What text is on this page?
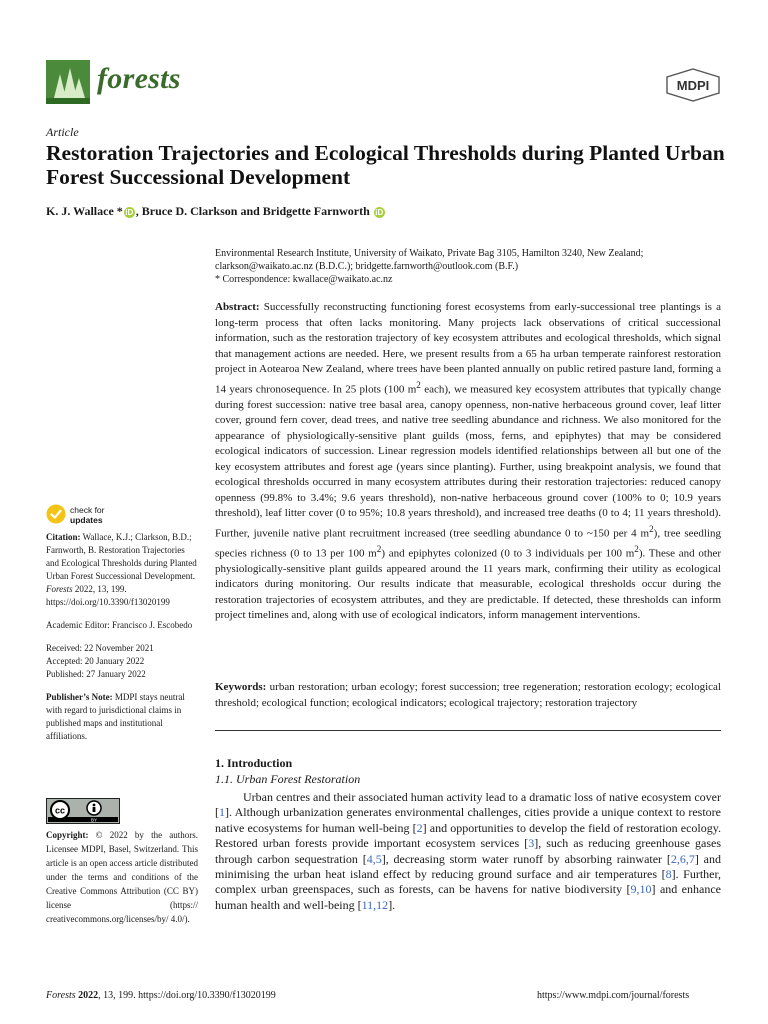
forests	MDPI
Article
Restoration Trajectories and Ecological Thresholds during Planted Urban Forest Successional Development
K. J. Wallace * iD , Bruce D. Clarkson and Bridgette Farnworth iD
Environmental Research Institute, University of Waikato, Private Bag 3105, Hamilton 3240, New Zealand;
clarkson@waikato.ac.nz (B.D.C.); bridgette.farnworth@outlook.com (B.F.)
* Correspondence: kwallace@waikato.ac.nz
Abstract: Successfully reconstructing functioning forest ecosystems from early-successional tree plantings is a long-term process that often lacks monitoring. Many projects lack observations of critical successional information, such as the restoration trajectory of key ecosystem attributes and ecological thresholds, which signal that management actions are needed. Here, we present results from a 65 ha urban temperate rainforest restoration project in Aotearoa New Zealand, where trees have been planted annually on public retired pasture land, forming a 14 years chronosequence. In 25 plots (100 $m^2$ each), we measured key ecosystem attributes that typically change during forest succession: native tree basal area, canopy openness, non-native herbaceous ground cover, leaf litter cover, ground fern cover, dead trees, and native tree seedling abundance and richness. We also monitored for the appearance of physiologically-sensitive plant guilds (moss, ferns, and epiphytes) that may be considered ecological indicators of succession. Linear regression models identified relationships between all but one of the key ecosystem attributes and forest age (years since planting). Further, using breakpoint analysis, we found that ecological thresholds occurred in many ecosystem attributes during their restoration trajectories: reduced canopy openness (99.8% to 3.4%; 9.6 years threshold), non-native herbaceous ground cover (100% to 0; 10.9 years threshold), leaf litter cover (0 to 95%; 10.8 years threshold), and increased tree deaths (0 to 4; 11 years threshold). Further, juvenile native plant recruitment increased (tree seedling abundance 0 to ~150 per 4 $m^2$), tree seedling species richness (0 to 13 per 100 $m^2$) and epiphytes colonized (0 to 3 individuals per 100 $m^2$). These and other physiologically-sensitive plant guilds appeared around the 11 years mark, confirming their utility as ecological indicators during monitoring. Our results indicate that measurable, ecological thresholds occur during the restoration trajectories of ecosystem attributes, and they are predictable. If detected, these thresholds can inform project timelines and, along with use of ecological indicators, inform management interventions.
Keywords: urban restoration; urban ecology; forest succession; tree regeneration; restoration ecology; ecological threshold; ecological function; ecological indicators; ecological trajectory; restoration trajectory
1. Introduction
1.1. Urban Forest Restoration
Urban centres and their associated human activity lead to a dramatic loss of native ecosystem cover [1]. Although urbanization generates environmental challenges, cities provide a unique context to restore native ecosystems for human well-being [2] and opportunities to develop the field of restoration ecology. Restored urban forests provide important ecosystem services [3], such as reducing greenhouse gases through carbon sequestration [4,5], decreasing storm water runoff by absorbing rainwater [2,6,7] and minimising the urban heat island effect by reducing ground surface and air temperatures [8]. Further, complex urban greenspaces, such as forests, can be havens for native biodiversity [9,10] and enhance human health and well-being [11,12].
check for
updates

Citation: Wallace, K.J.; Clarkson, B.D.; Farnworth, B. Restoration Trajectories and Ecological Thresholds during Planted Urban Forest Successional Development. Forests 2022, 13, 199. https://doi.org/10.3390/f13020199

Academic Editor: Francisco J. Escobedo

Received: 22 November 2021
Accepted: 20 January 2022
Published: 27 January 2022

Publisher’s Note: MDPI stays neutral with regard to jurisdictional claims in published maps and institutional affiliations.

cc
BY
Copyright: © 2022 by the authors. Licensee MDPI, Basel, Switzerland. This article is an open access article distributed under the terms and conditions of the Creative Commons Attribution (CC BY) license (https:// creativecommons.org/licenses/by/ 4.0/).
Forests 2022, 13, 199. https://doi.org/10.3390/f13020199	https://www.mdpi.com/journal/forests
